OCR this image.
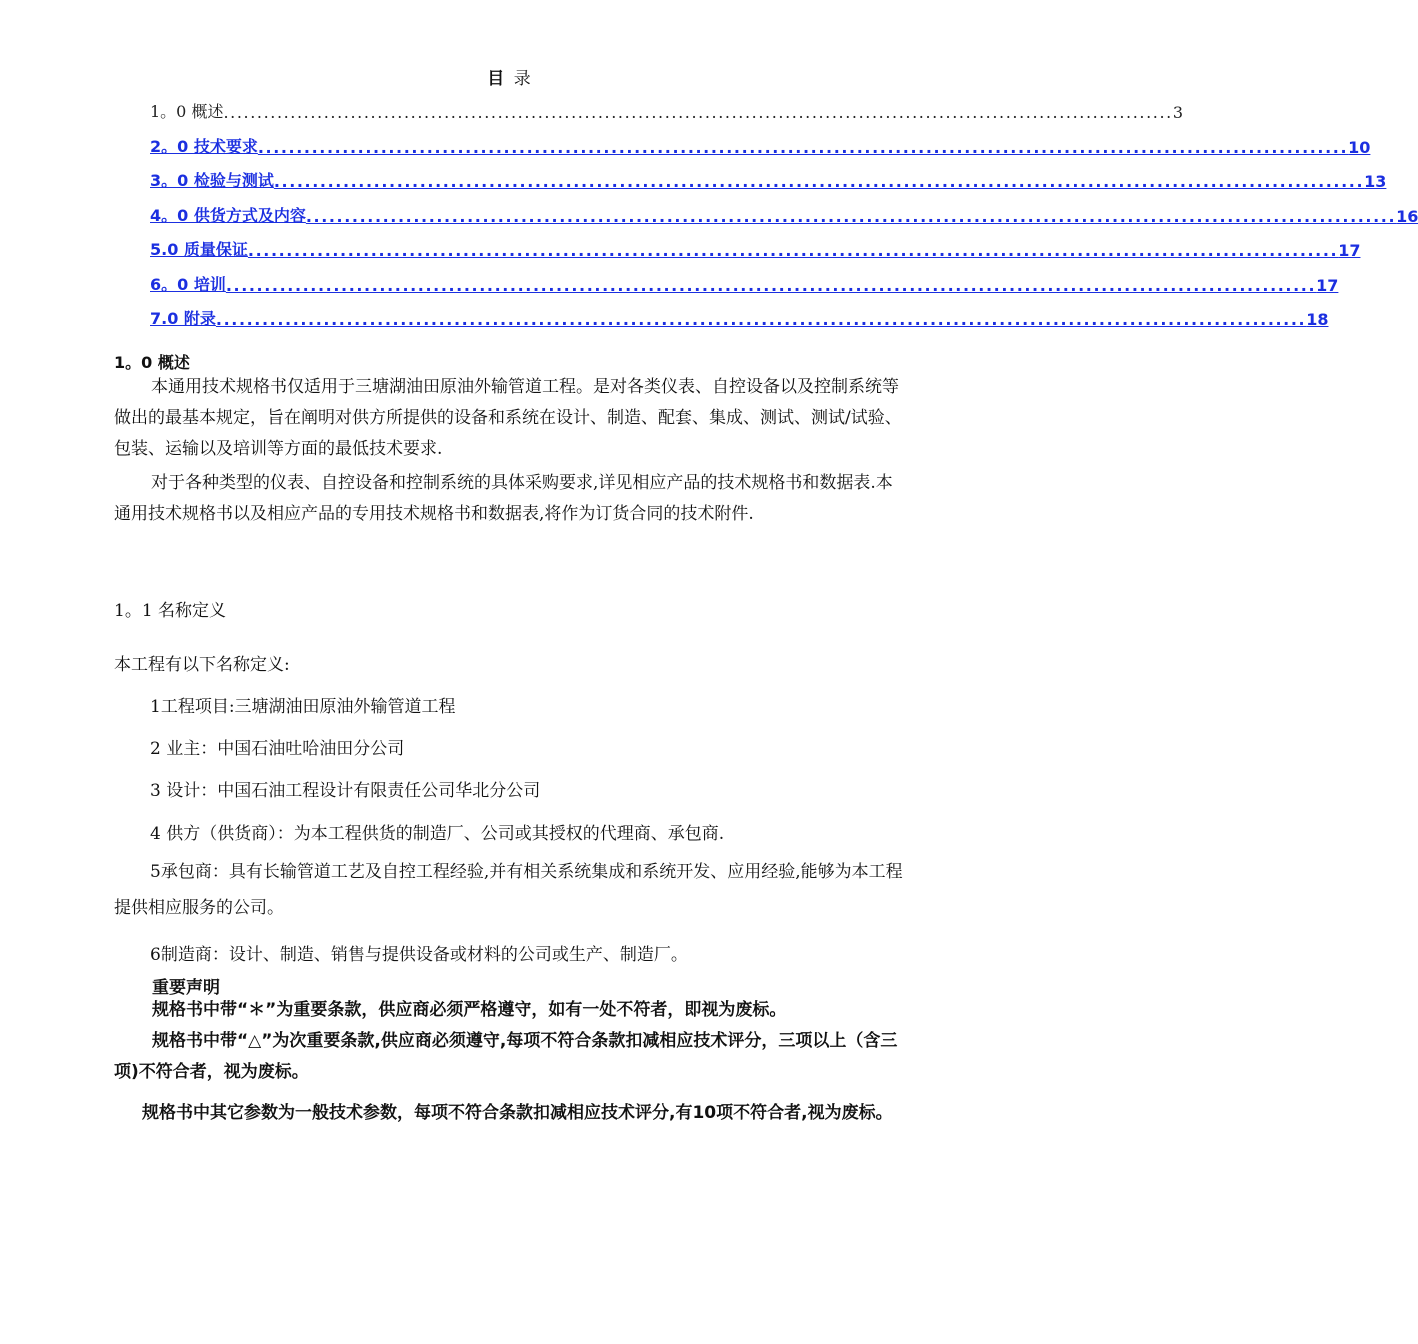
目 录
1。0 概述 .............................................................................................................................................. 3
2。0 技术要求 .............................................................................................................................................. 10
3。0 检验与测试 .............................................................................................................................................. 13
4。0 供货方式及内容 .............................................................................................................................................. 16
5.0 质量保证 .............................................................................................................................................. 17
6。0 培训 .............................................................................................................................................. 17
7.0 附录 .............................................................................................................................................. 18
1。0 概述
本通用技术规格书仅适用于三塘湖油田原油外输管道工程。是对各类仪表、自控设备以及控制系统等做出的最基本规定，旨在阐明对供方所提供的设备和系统在设计、制造、配套、集成、测试、测试/试验、包装、运输以及培训等方面的最低技术要求.
对于各种类型的仪表、自控设备和控制系统的具体采购要求,详见相应产品的技术规格书和数据表.本通用技术规格书以及相应产品的专用技术规格书和数据表,将作为订货合同的技术附件.
1。1 名称定义
本工程有以下名称定义:
1工程项目:三塘湖油田原油外输管道工程
2 业主：中国石油吐哈油田分公司
3 设计：中国石油工程设计有限责任公司华北分公司
4 供方（供货商）：为本工程供货的制造厂、公司或其授权的代理商、承包商.
5承包商：具有长输管道工艺及自控工程经验,并有相关系统集成和系统开发、应用经验,能够为本工程提供相应服务的公司。
6制造商：设计、制造、销售与提供设备或材料的公司或生产、制造厂。
重要声明
规格书中带“＊”为重要条款，供应商必须严格遵守，如有一处不符者，即视为废标。
规格书中带“△”为次重要条款,供应商必须遵守,每项不符合条款扣减相应技术评分，三项以上（含三项)不符合者，视为废标。
规格书中其它参数为一般技术参数，每项不符合条款扣减相应技术评分,有10项不符合者,视为废标。
